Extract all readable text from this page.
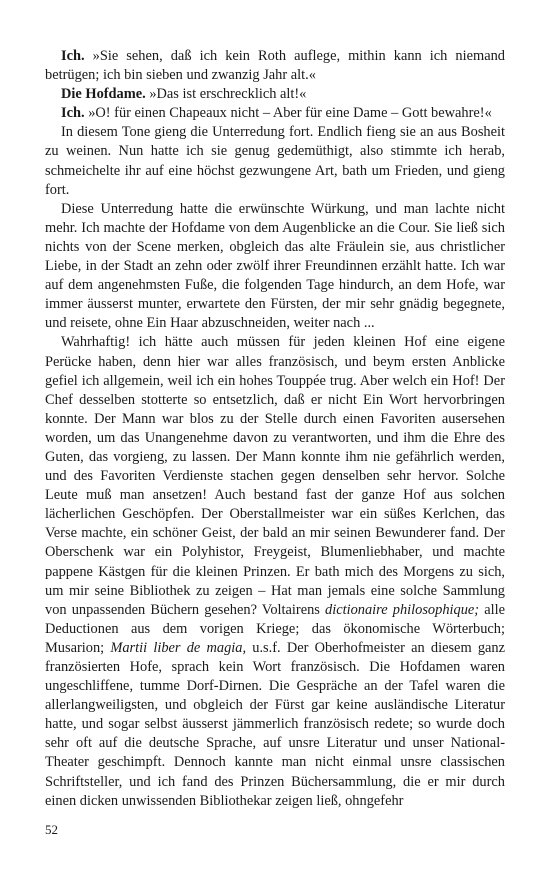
Ich. »Sie sehen, daß ich kein Roth auflege, mithin kann ich niemand betrügen; ich bin sieben und zwanzig Jahr alt.«

Die Hofdame. »Das ist erschrecklich alt!«

Ich. »O! für einen Chapeaux nicht – Aber für eine Dame – Gott bewahre!«

In diesem Tone gieng die Unterredung fort. Endlich fieng sie an aus Bosheit zu weinen. Nun hatte ich sie genug gedemüthigt, also stimmte ich herab, schmeichelte ihr auf eine höchst gezwungene Art, bath um Frieden, und gieng fort.

Diese Unterredung hatte die erwünschte Würkung, und man lachte nicht mehr. Ich machte der Hofdame von dem Augenblicke an die Cour. Sie ließ sich nichts von der Scene merken, obgleich das alte Fräulein sie, aus christlicher Liebe, in der Stadt an zehn oder zwölf ihrer Freundinnen erzählt hatte. Ich war auf dem angenehmsten Fuße, die folgenden Tage hindurch, an dem Hofe, war immer äusserst munter, erwartete den Fürsten, der mir sehr gnädig begegnete, und reisete, ohne Ein Haar abzuschneiden, weiter nach ...

Wahrhaftig! ich hätte auch müssen für jeden kleinen Hof eine eigene Perücke haben, denn hier war alles französisch, und beym ersten Anblicke gefiel ich allgemein, weil ich ein hohes Touppée trug. Aber welch ein Hof! Der Chef desselben stotterte so entsetzlich, daß er nicht Ein Wort hervorbringen konnte. Der Mann war blos zu der Stelle durch einen Favoriten ausersehen worden, um das Unangenehme davon zu verantworten, und ihm die Ehre des Guten, das vorgieng, zu lassen. Der Mann konnte ihm nie gefährlich werden, und des Favoriten Verdienste stachen gegen denselben sehr hervor. Solche Leute muß man ansetzen! Auch bestand fast der ganze Hof aus solchen lächerlichen Geschöpfen. Der Oberstallmeister war ein süßes Kerlchen, das Verse machte, ein schöner Geist, der bald an mir seinen Bewunderer fand. Der Oberschenk war ein Polyhistor, Freygeist, Blumenliebhaber, und machte pappene Kästgen für die kleinen Prinzen. Er bath mich des Morgens zu sich, um mir seine Bibliothek zu zeigen – Hat man jemals eine solche Sammlung von unpassenden Büchern gesehen? Voltairens dictionaire philosophique; alle Deductionen aus dem vorigen Kriege; das ökonomische Wörterbuch; Musarion; Martii liber de magia, u.s.f. Der Oberhofmeister an diesem ganz französierten Hofe, sprach kein Wort französisch. Die Hofdamen waren ungeschliffene, tumme Dorf-Dirnen. Die Gespräche an der Tafel waren die allerlangweiligsten, und obgleich der Fürst gar keine ausländische Literatur hatte, und sogar selbst äusserst jämmerlich französisch redete; so wurde doch sehr oft auf die deutsche Sprache, auf unsre Literatur und unser National-Theater geschimpft. Dennoch kannte man nicht einmal unsre classischen Schriftsteller, und ich fand des Prinzen Büchersammlung, die er mir durch einen dicken unwissenden Bibliothekar zeigen ließ, ohngefehr

52
